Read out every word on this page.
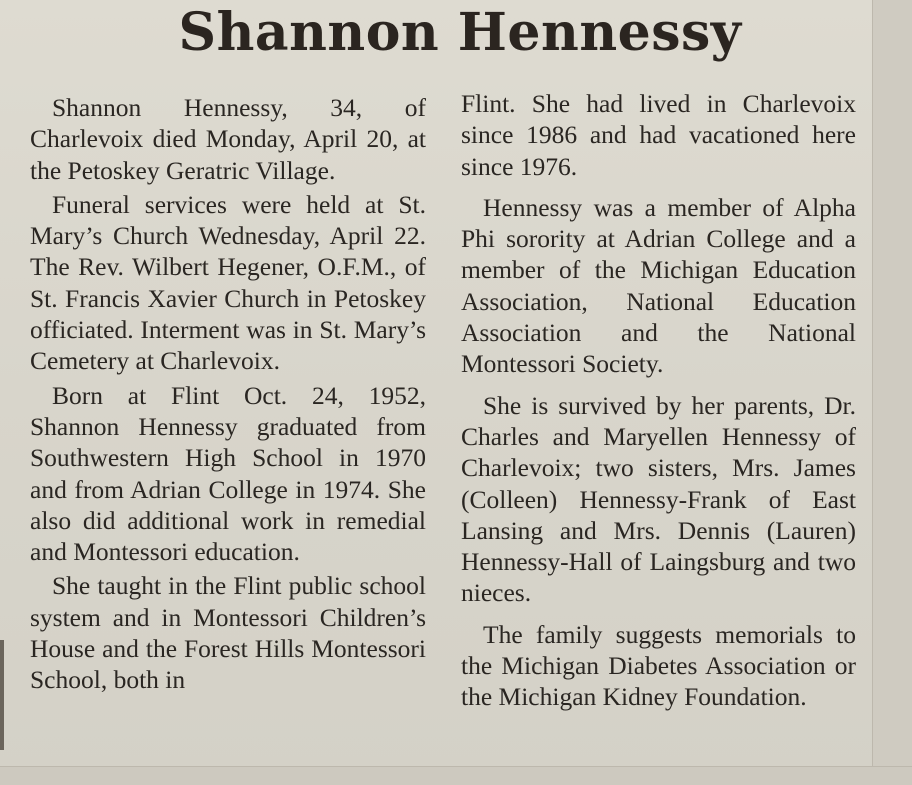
Shannon Hennessy

Shannon Hennessy, 34, of Charlevoix died Monday, April 20, at the Petoskey Geratric Village.

Funeral services were held at St. Mary’s Church Wednesday, April 22. The Rev. Wilbert Hegener, O.F.M., of St. Francis Xavier Church in Petoskey officiated. Interment was in St. Mary’s Cemetery at Charlevoix.

Born at Flint Oct. 24, 1952, Shannon Hennessy graduated from Southwestern High School in 1970 and from Adrian College in 1974. She also did additional work in remedial and Montessori education.

She taught in the Flint public school system and in Montessori Children’s House and the Forest Hills Montessori School, both in

Flint. She had lived in Charlevoix since 1986 and had vacationed here since 1976.

Hennessy was a member of Alpha Phi sorority at Adrian College and a member of the Michigan Education Association, National Education Association and the National Montessori Society.

She is survived by her parents, Dr. Charles and Maryellen Hennessy of Charlevoix; two sisters, Mrs. James (Colleen) Hennessy-Frank of East Lansing and Mrs. Dennis (Lauren) Hennessy-Hall of Laingsburg and two nieces.

The family suggests memorials to the Michigan Diabetes Association or the Michigan Kidney Foundation.
